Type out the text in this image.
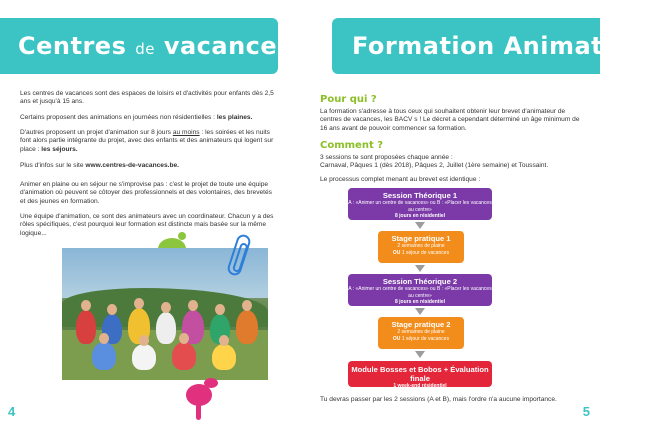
Centres de vacances
Les centres de vacances sont des espaces de loisirs et d'activités pour enfants dès 2,5 ans et jusqu'à 15 ans.
Certains proposent des animations en journées non résidentielles : les plaines.
D'autres proposent un projet d'animation sur 8 jours au moins : les soirées et les nuits font alors partie intégrante du projet, avec des enfants et des animateurs qui logent sur place : les séjours.
Plus d'infos sur le site www.centres-de-vacances.be.
Animer en plaine ou en séjour ne s'improvise pas : c'est le projet de toute une équipe d'animation où peuvent se côtoyer des professionnels et des volontaires, des brevetés et des jeunes en formation.
Une équipe d'animation, ce sont des animateurs avec un coordinateur. Chacun y a des rôles spécifiques, c'est pourquoi leur formation est distincte mais basée sur la même logique...
4
Formation Animateur
Pour qui ?
La formation s'adresse à tous ceux qui souhaitent obtenir leur brevet d'animateur de centres de vacances, les BACV s ! Le décret a cependant déterminé un âge minimum de 16 ans avant de pouvoir commencer sa formation.
Comment ?
3 sessions te sont proposées chaque année :
Carnaval, Pâques 1 (dès 2018), Pâques 2, Juillet (1ère semaine) et Toussaint.
Le processus complet menant au brevet est identique :
Session Théorique 1
A : «Animer un centre de vacances» ou B : «Placer les vacances au centre»
8 jours en résidentiel
Stage pratique 1
2 semaines de plaine
OU 1 séjour de vacances
Session Théorique 2
A : «Animer un centre de vacances» ou B : «Placer les vacances au centre»
8 jours en résidentiel
Stage pratique 2
2 semaines de plaine
OU 1 séjour de vacances
Module Bosses et Bobos + Évaluation finale
1 week-end résidentiel
Tu devras passer par les 2 sessions (A et B), mais l'ordre n'a aucune importance.
5
